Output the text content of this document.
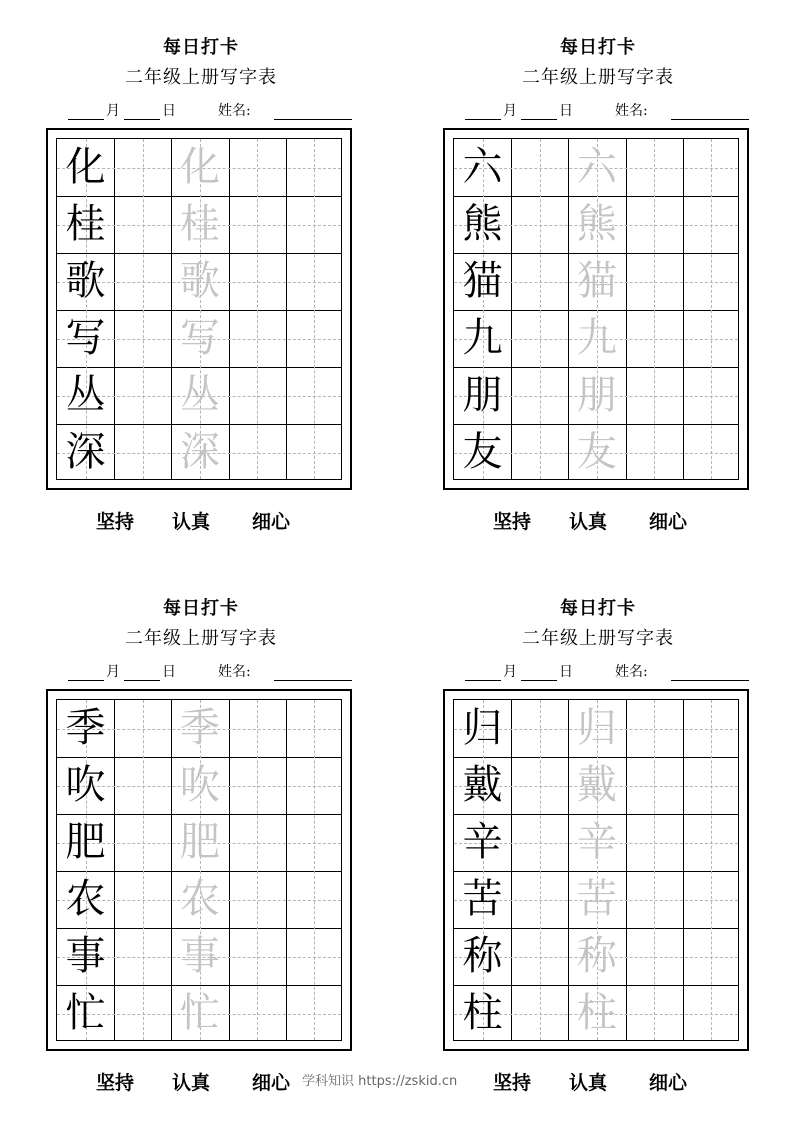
每日打卡
二年级上册写字表
月	日	姓名:
化 化
桂 桂
歌 歌
写 写
丛 丛
深 深
坚持 认真 细心
每日打卡
二年级上册写字表
月	日	姓名:
六 六
熊 熊
猫 猫
九 九
朋 朋
友 友
坚持 认真 细心
每日打卡
二年级上册写字表
月	日	姓名:
季 季
吹 吹
肥 肥
农 农
事 事
忙 忙
坚持 认真 细心
每日打卡
二年级上册写字表
月	日	姓名:
归 归
戴 戴
辛 辛
苦 苦
称 称
柱 柱
坚持 认真 细心
学科知识 https://zskid.cn
